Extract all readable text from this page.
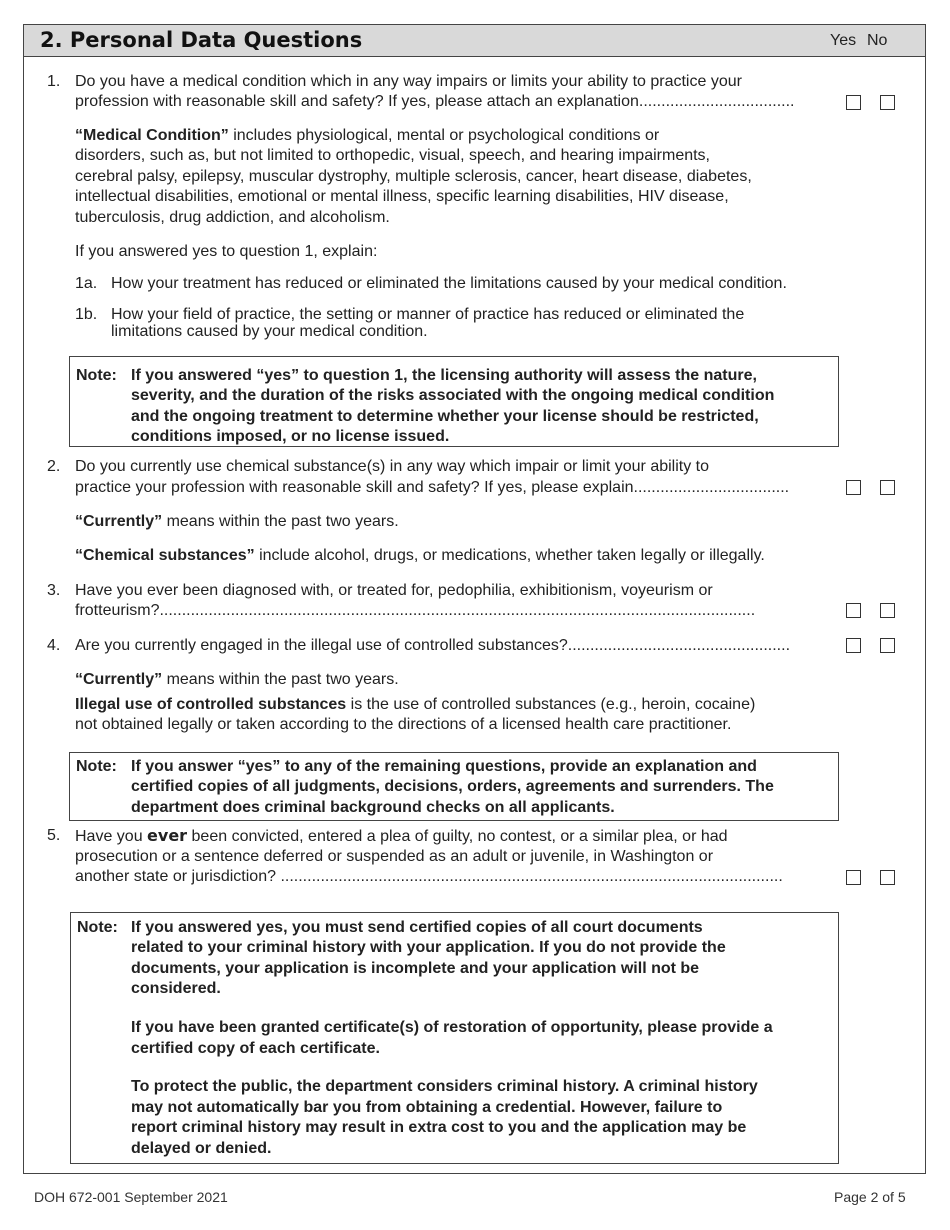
2. Personal Data Questions	Yes No
1. Do you have a medical condition which in any way impairs or limits your ability to practice your
profession with reasonable skill and safety? If yes, please attach an explanation...................................
“Medical Condition” includes physiological, mental or psychological conditions or
disorders, such as, but not limited to orthopedic, visual, speech, and hearing impairments,
cerebral palsy, epilepsy, muscular dystrophy, multiple sclerosis, cancer, heart disease, diabetes,
intellectual disabilities, emotional or mental illness, specific learning disabilities, HIV disease,
tuberculosis, drug addiction, and alcoholism.
If you answered yes to question 1, explain:
1a. How your treatment has reduced or eliminated the limitations caused by your medical condition.
1b. How your field of practice, the setting or manner of practice has reduced or eliminated the
limitations caused by your medical condition.
Note: If you answered “yes” to question 1, the licensing authority will assess the nature,
severity, and the duration of the risks associated with the ongoing medical condition
and the ongoing treatment to determine whether your license should be restricted,
conditions imposed, or no license issued.
2. Do you currently use chemical substance(s) in any way which impair or limit your ability to
practice your profession with reasonable skill and safety? If yes, please explain...................................
“Currently” means within the past two years.
“Chemical substances” include alcohol, drugs, or medications, whether taken legally or illegally.
3. Have you ever been diagnosed with, or treated for, pedophilia, exhibitionism, voyeurism or
frotteurism?......................................................................................................................................
4. Are you currently engaged in the illegal use of controlled substances?..................................................
“Currently” means within the past two years.
Illegal use of controlled substances is the use of controlled substances (e.g., heroin, cocaine)
not obtained legally or taken according to the directions of a licensed health care practitioner.
Note: If you answer “yes” to any of the remaining questions, provide an explanation and
certified copies of all judgments, decisions, orders, agreements and surrenders. The
department does criminal background checks on all applicants.
5. Have you ever been convicted, entered a plea of guilty, no contest, or a similar plea, or had
prosecution or a sentence deferred or suspended as an adult or juvenile, in Washington or
another state or jurisdiction? .................................................................................................................
Note: If you answered yes, you must send certified copies of all court documents
related to your criminal history with your application. If you do not provide the
documents, your application is incomplete and your application will not be
considered.
If you have been granted certificate(s) of restoration of opportunity, please provide a
certified copy of each certificate.
To protect the public, the department considers criminal history. A criminal history
may not automatically bar you from obtaining a credential. However, failure to
report criminal history may result in extra cost to you and the application may be
delayed or denied.
DOH 672-001 September 2021	Page 2 of 5
